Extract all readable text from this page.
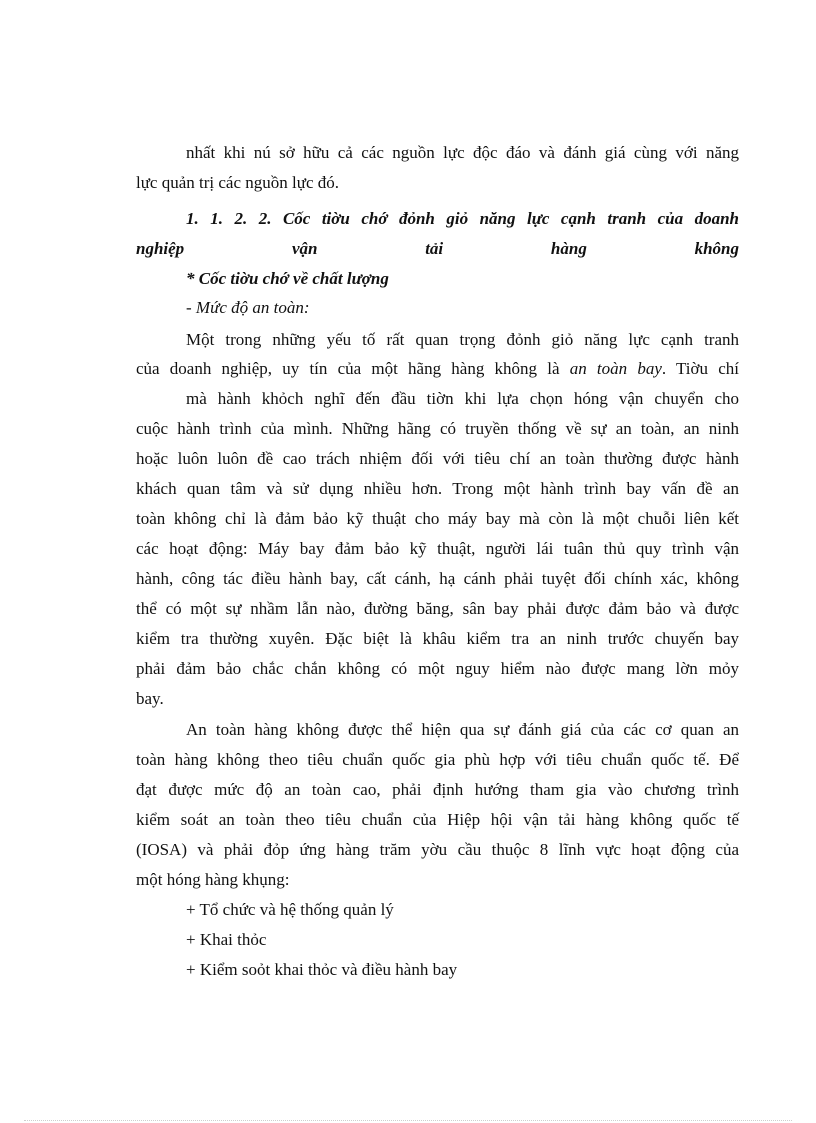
nhất khi nú sở hữu cả các nguồn lực độc đáo và đánh giá cùng với năng
lực quản trị các nguồn lực đó.
1. 1. 2. 2. Cốc tiờu chớ đỏnh giỏ năng lực cạnh tranh của doanh
nghiệp vận tải hàng không
* Cốc tiờu chớ về chất lượng
- Mức độ an toàn:
Một trong những yếu tố rất quan trọng đỏnh giỏ năng lực cạnh tranh
của doanh nghiệp, uy tín của một hãng hàng không là an toàn bay. Tiờu chí
mà hành khỏch nghĩ đến đầu tiờn khi lựa chọn hóng vận chuyển cho
cuộc hành trình của mình. Những hãng có truyền thống về sự an toàn, an ninh
hoặc luôn luôn đề cao trách nhiệm đối với tiêu chí an toàn thường được hành
khách quan tâm và sử dụng nhiều hơn. Trong một hành trình bay vấn đề an
toàn không chỉ là đảm bảo kỹ thuật cho máy bay mà còn là một chuỗi liên kết
các hoạt động: Máy bay đảm bảo kỹ thuật, người lái tuân thủ quy trình vận
hành, công tác điều hành bay, cất cánh, hạ cánh phải tuyệt đối chính xác, không
thể có một sự nhầm lẫn nào, đường băng, sân bay phải được đảm bảo và được
kiểm tra thường xuyên. Đặc biệt là khâu kiểm tra an ninh trước chuyến bay
phải đảm bảo chắc chắn không có một nguy hiểm nào được mang lờn mỏy
bay.
An toàn hàng không được thể hiện qua sự đánh giá của các cơ quan an
toàn hàng không theo tiêu chuẩn quốc gia phù hợp với tiêu chuẩn quốc tế. Để
đạt được mức độ an toàn cao, phải định hướng tham gia vào chương trình
kiểm soát an toàn theo tiêu chuẩn của Hiệp hội vận tải hàng không quốc tế
(IOSA) và phải đỏp ứng hàng trăm yờu cầu thuộc 8 lĩnh vực hoạt động của
một hóng hàng khụng:
+ Tổ chức và hệ thống quản lý
+ Khai thỏc
+ Kiểm soỏt khai thỏc và điều hành bay
